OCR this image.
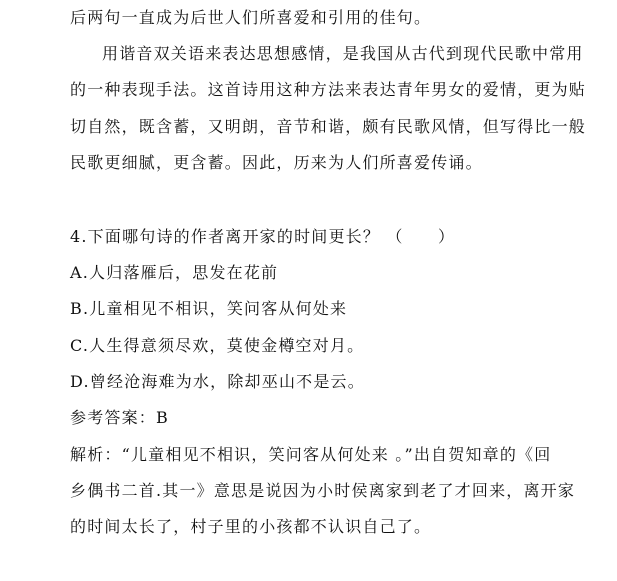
后两句一直成为后世人们所喜爱和引用的佳句。
用谐音双关语来表达思想感情，是我国从古代到现代民歌中常用
的一种表现手法。这首诗用这种方法来表达青年男女的爱情，更为贴
切自然，既含蓄，又明朗，音节和谐，颇有民歌风情，但写得比一般
民歌更细腻，更含蓄。因此，历来为人们所喜爱传诵。
4.下面哪句诗的作者离开家的时间更长？ （　　）
A.人归落雁后，思发在花前
B.儿童相见不相识，笑问客从何处来
C.人生得意须尽欢，莫使金樽空对月。
D.曾经沧海难为水，除却巫山不是云。
参考答案：B
解析：“儿童相见不相识，笑问客从何处来 。”出自贺知章的《回
乡偶书二首.其一》意思是说因为小时侯离家到老了才回来，离开家
的时间太长了，村子里的小孩都不认识自己了。
